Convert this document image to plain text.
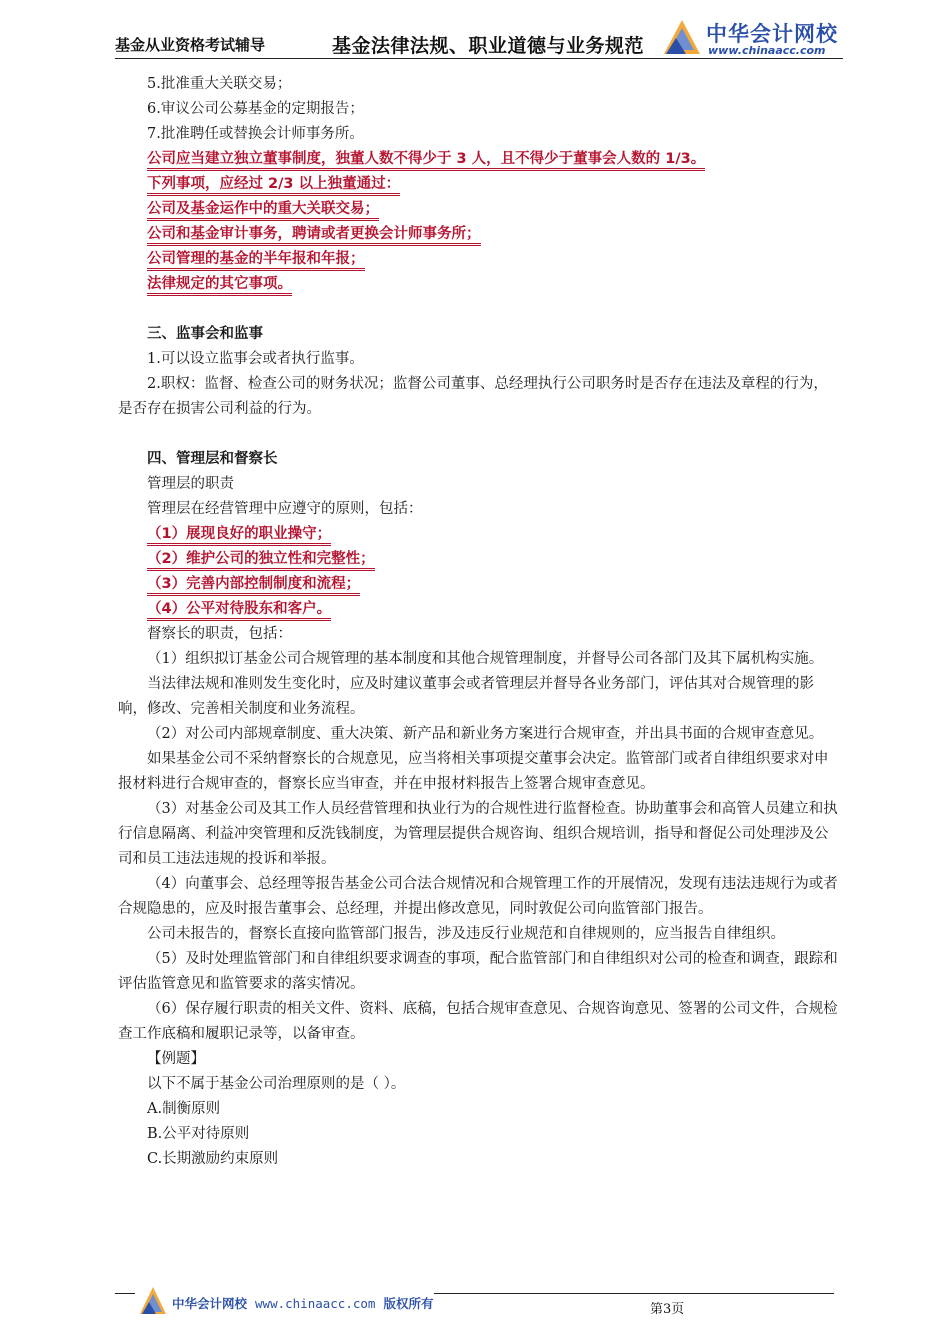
基金从业资格考试辅导	基金法律法规、职业道德与业务规范	中华会计网校
www.chinaacc.com

5.批准重大关联交易；

6.审议公司公募基金的定期报告；

7.批准聘任或替换会计师事务所。

公司应当建立独立董事制度，独董人数不得少于 3 人，且不得少于董事会人数的 1/3。

下列事项，应经过 2/3 以上独董通过：

公司及基金运作中的重大关联交易；

公司和基金审计事务，聘请或者更换会计师事务所；

公司管理的基金的半年报和年报；

法律规定的其它事项。

三、监事会和监事

1.可以设立监事会或者执行监事。

2.职权：监督、检查公司的财务状况；监督公司董事、总经理执行公司职务时是否存在违法及章程的行为，是否存在损害公司利益的行为。

四、管理层和督察长

管理层的职责

管理层在经营管理中应遵守的原则，包括：

（1）展现良好的职业操守；

（2）维护公司的独立性和完整性；

（3）完善内部控制制度和流程；

（4）公平对待股东和客户。

督察长的职责，包括：

（1）组织拟订基金公司合规管理的基本制度和其他合规管理制度，并督导公司各部门及其下属机构实施。

当法律法规和准则发生变化时，应及时建议董事会或者管理层并督导各业务部门，评估其对合规管理的影响，修改、完善相关制度和业务流程。

（2）对公司内部规章制度、重大决策、新产品和新业务方案进行合规审查，并出具书面的合规审查意见。

如果基金公司不采纳督察长的合规意见，应当将相关事项提交董事会决定。监管部门或者自律组织要求对申报材料进行合规审查的，督察长应当审查，并在申报材料报告上签署合规审查意见。

（3）对基金公司及其工作人员经营管理和执业行为的合规性进行监督检查。协助董事会和高管人员建立和执行信息隔离、利益冲突管理和反洗钱制度，为管理层提供合规咨询、组织合规培训，指导和督促公司处理涉及公司和员工违法违规的投诉和举报。

（4）向董事会、总经理等报告基金公司合法合规情况和合规管理工作的开展情况，发现有违法违规行为或者合规隐患的，应及时报告董事会、总经理，并提出修改意见，同时敦促公司向监管部门报告。

公司未报告的，督察长直接向监管部门报告，涉及违反行业规范和自律规则的，应当报告自律组织。

（5）及时处理监管部门和自律组织要求调查的事项，配合监管部门和自律组织对公司的检查和调查，跟踪和评估监管意见和监管要求的落实情况。

（6）保存履行职责的相关文件、资料、底稿，包括合规审查意见、合规咨询意见、签署的公司文件，合规检查工作底稿和履职记录等，以备审查。

【例题】

以下不属于基金公司治理原则的是（ ）。

A.制衡原则

B.公平对待原则

C.长期激励约束原则

中华会计网校 www.chinaacc.com 版权所有	第3页
